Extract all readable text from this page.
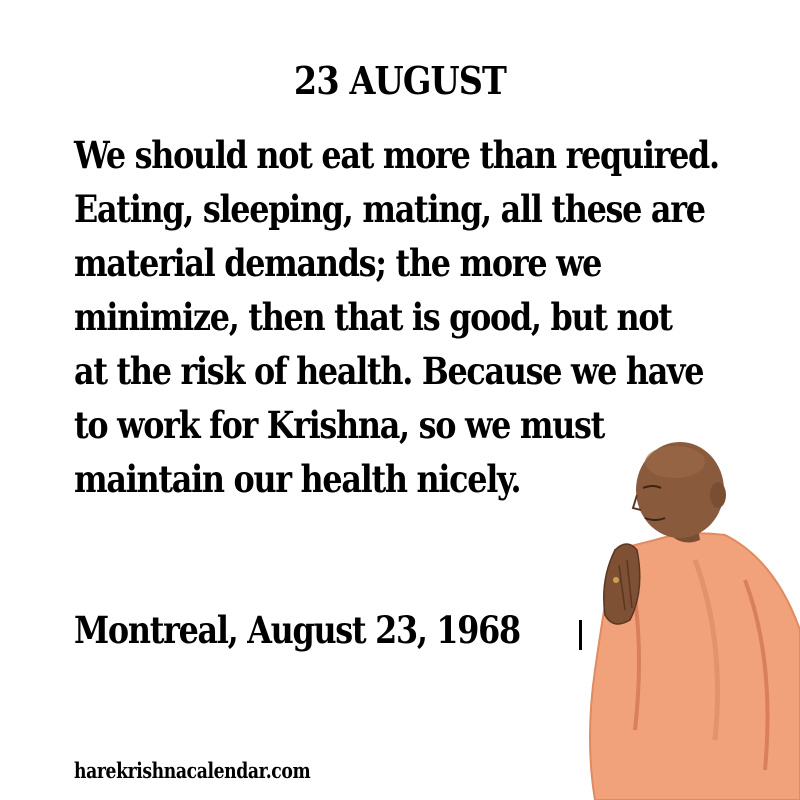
23 AUGUST
We should not eat more than required.
Eating, sleeping, mating, all these are
material demands; the more we
minimize, then that is good, but not
at the risk of health. Because we have
to work for Krishna, so we must
maintain our health nicely.
Montreal, August 23, 1968
harekrishnacalendar.com
